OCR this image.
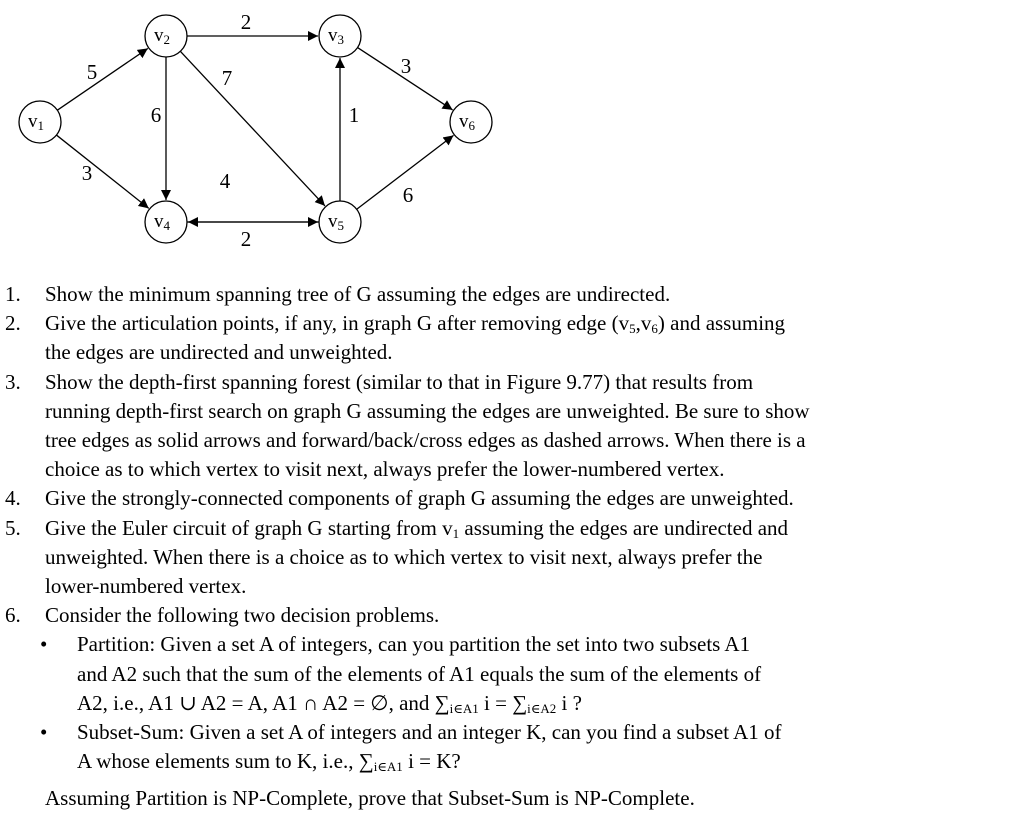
5
3
2
6
7
1
4
3
2
6
$v_1$
$v_2$	$v_3$
$v_4$	$v_5$
$v_6$
1. Show the minimum spanning tree of G assuming the edges are undirected.
2. Give the articulation points, if any, in graph G after removing edge $(v_5,v_6)$ and assuming
the edges are undirected and unweighted.
3. Show the depth-first spanning forest (similar to that in Figure 9.77) that results from
running depth-first search on graph G assuming the edges are unweighted. Be sure to show
tree edges as solid arrows and forward/back/cross edges as dashed arrows. When there is a
choice as to which vertex to visit next, always prefer the lower-numbered vertex.
4. Give the strongly-connected components of graph G assuming the edges are unweighted.
5. Give the Euler circuit of graph G starting from $v_1$ assuming the edges are undirected and
unweighted. When there is a choice as to which vertex to visit next, always prefer the
lower-numbered vertex.
6. Consider the following two decision problems.
• Partition: Given a set A of integers, can you partition the set into two subsets A1
and A2 such that the sum of the elements of A1 equals the sum of the elements of
A2, i.e., A1 ∪ A2 = A, A1 ∩ A2 = ∅, and $\sum_{i\in A1}$ $i = \sum_{i\in A2}$ i ?
• Subset-Sum: Given a set A of integers and an integer K, can you find a subset A1 of
A whose elements sum to K, i.e., $\sum_{i\in A1}$ i = K?

Assuming Partition is NP-Complete, prove that Subset-Sum is NP-Complete.
